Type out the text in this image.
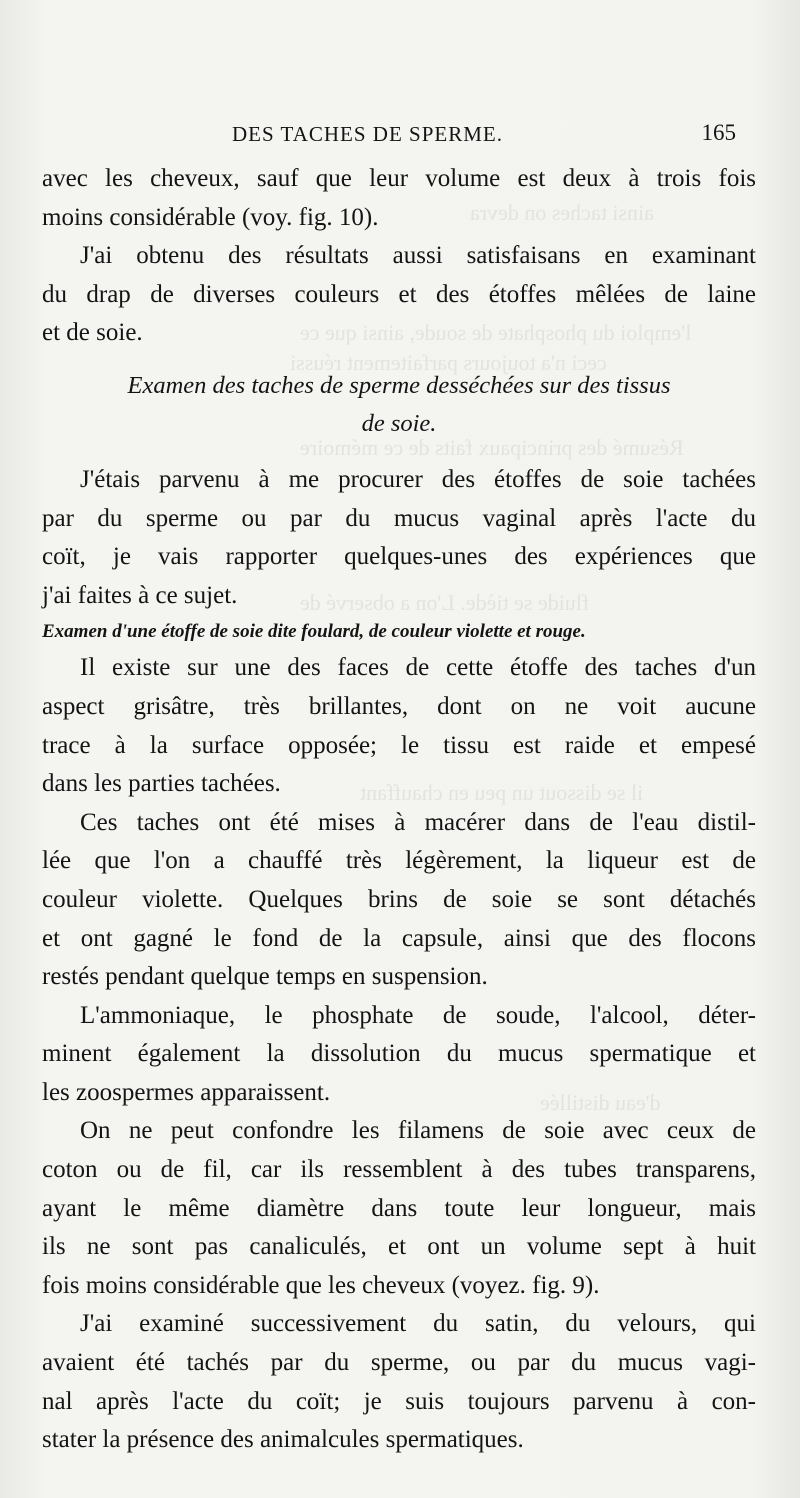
ainsi taches on devra
l'emploi du phosphate de soude, ainsi que ce
ceci n'a toujours parfaitement réussi
Résumé des principaux faits de ce mémoire
fluide se tiède. L'on a observé de
il se dissout un peu en chauffant
d'eau distillée
DES TACHES DE SPERME.	165
avec les cheveux, sauf que leur volume est deux à trois fois
moins considérable (voy. fig. 10).
J'ai obtenu des résultats aussi satisfaisans en examinant
du drap de diverses couleurs et des étoffes mêlées de laine
et de soie.
Examen des taches de sperme desséchées sur des tissus
de soie.
J'étais parvenu à me procurer des étoffes de soie tachées
par du sperme ou par du mucus vaginal après l'acte du
coït, je vais rapporter quelques-unes des expériences que
j'ai faites à ce sujet.
Examen d'une étoffe de soie dite foulard, de couleur violette et rouge.
Il existe sur une des faces de cette étoffe des taches d'un
aspect grisâtre, très brillantes, dont on ne voit aucune
trace à la surface opposée; le tissu est raide et empesé
dans les parties tachées.
Ces taches ont été mises à macérer dans de l'eau distil-
lée que l'on a chauffé très légèrement, la liqueur est de
couleur violette. Quelques brins de soie se sont détachés
et ont gagné le fond de la capsule, ainsi que des flocons
restés pendant quelque temps en suspension.
L'ammoniaque, le phosphate de soude, l'alcool, déter-
minent également la dissolution du mucus spermatique et
les zoospermes apparaissent.
On ne peut confondre les filamens de soie avec ceux de
coton ou de fil, car ils ressemblent à des tubes transparens,
ayant le même diamètre dans toute leur longueur, mais
ils ne sont pas canaliculés, et ont un volume sept à huit
fois moins considérable que les cheveux (voyez. fig. 9).
J'ai examiné successivement du satin, du velours, qui
avaient été tachés par du sperme, ou par du mucus vagi-
nal après l'acte du coït; je suis toujours parvenu à con-
stater la présence des animalcules spermatiques.
